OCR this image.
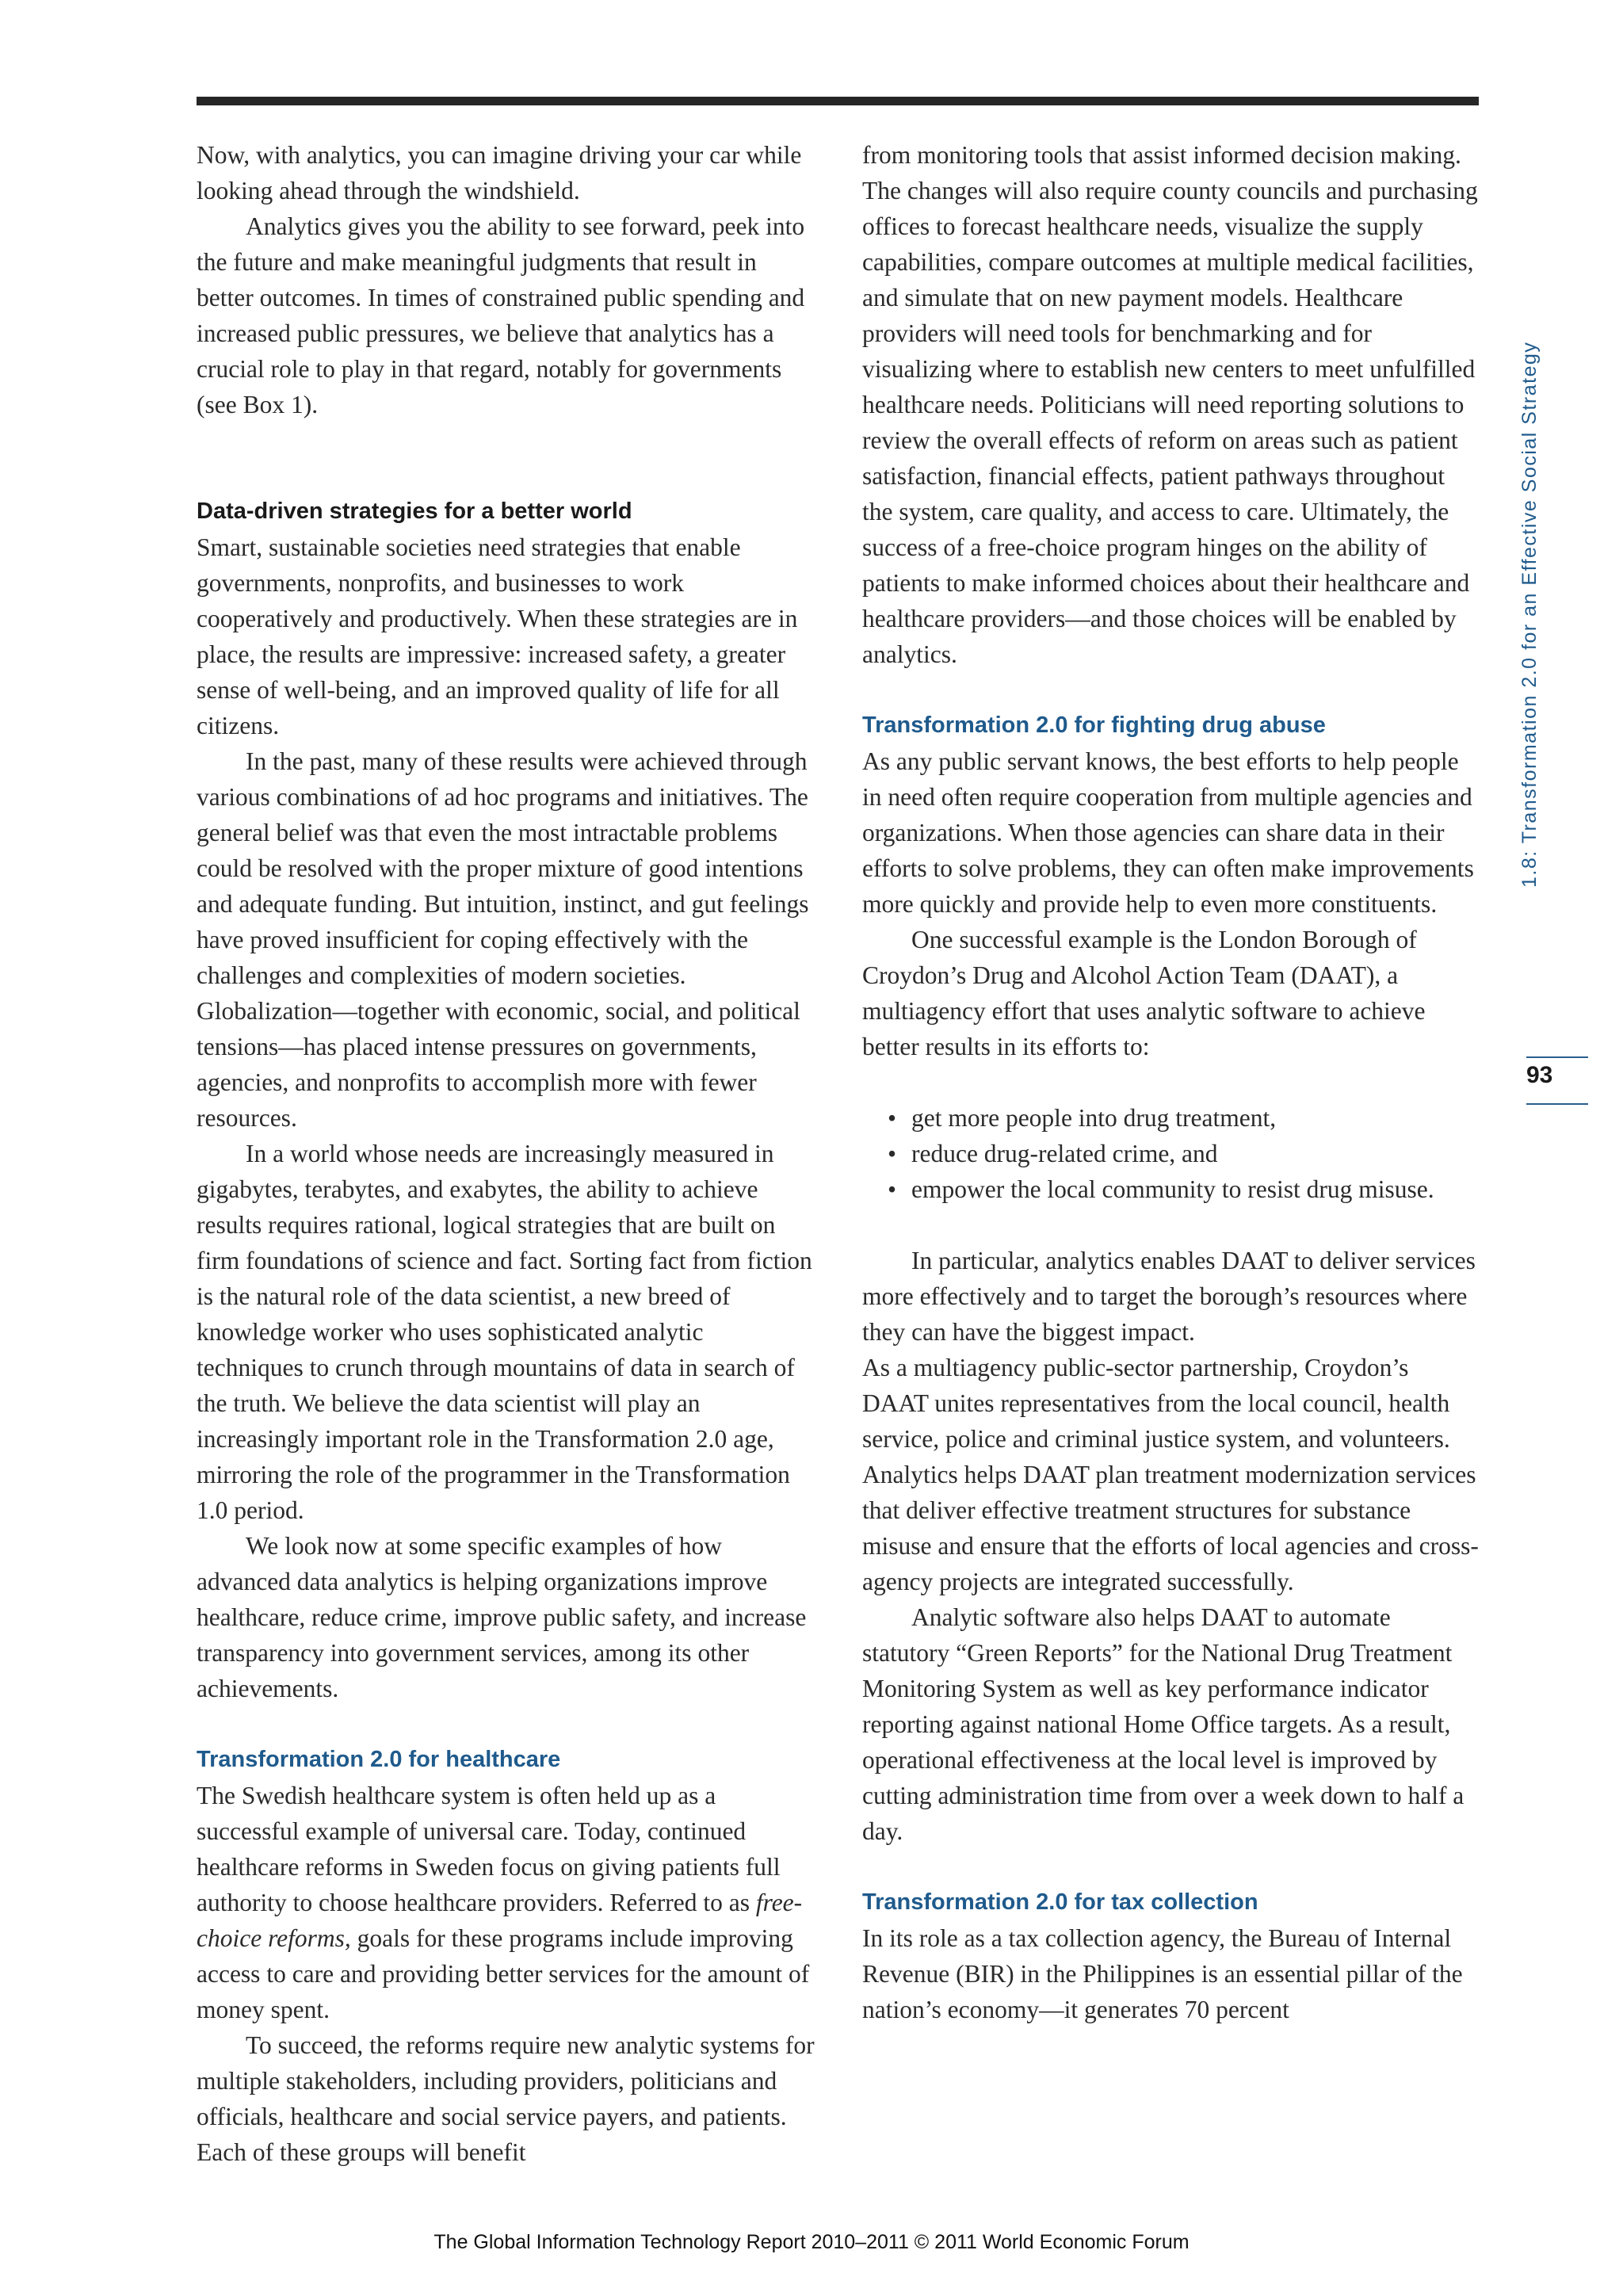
Now, with analytics, you can imagine driving your car while looking ahead through the windshield.

Analytics gives you the ability to see forward, peek into the future and make meaningful judgments that result in better outcomes. In times of constrained public spending and increased public pressures, we believe that analytics has a crucial role to play in that regard, notably for governments (see Box 1).

Data-driven strategies for a better world

Smart, sustainable societies need strategies that enable governments, nonprofits, and businesses to work cooperatively and productively. When these strategies are in place, the results are impressive: increased safety, a greater sense of well-being, and an improved quality of life for all citizens.

In the past, many of these results were achieved through various combinations of ad hoc programs and initiatives. The general belief was that even the most intractable problems could be resolved with the proper mixture of good intentions and adequate funding. But intuition, instinct, and gut feelings have proved insufficient for coping effectively with the challenges and complexities of modern societies. Globalization—together with economic, social, and political tensions—has placed intense pressures on governments, agencies, and nonprofits to accomplish more with fewer resources.

In a world whose needs are increasingly measured in gigabytes, terabytes, and exabytes, the ability to achieve results requires rational, logical strategies that are built on firm foundations of science and fact. Sorting fact from fiction is the natural role of the data scientist, a new breed of knowledge worker who uses sophisticated analytic techniques to crunch through mountains of data in search of the truth. We believe the data scientist will play an increasingly important role in the Transformation 2.0 age, mirroring the role of the programmer in the Transformation 1.0 period.

We look now at some specific examples of how advanced data analytics is helping organizations improve healthcare, reduce crime, improve public safety, and increase transparency into government services, among its other achievements.

Transformation 2.0 for healthcare

The Swedish healthcare system is often held up as a successful example of universal care. Today, continued healthcare reforms in Sweden focus on giving patients full authority to choose healthcare providers. Referred to as free-choice reforms, goals for these programs include improving access to care and providing better services for the amount of money spent.

To succeed, the reforms require new analytic systems for multiple stakeholders, including providers, politicians and officials, healthcare and social service payers, and patients. Each of these groups will benefit

from monitoring tools that assist informed decision making. The changes will also require county councils and purchasing offices to forecast healthcare needs, visualize the supply capabilities, compare outcomes at multiple medical facilities, and simulate that on new payment models. Healthcare providers will need tools for benchmarking and for visualizing where to establish new centers to meet unfulfilled healthcare needs. Politicians will need reporting solutions to review the overall effects of reform on areas such as patient satisfaction, financial effects, patient pathways throughout the system, care quality, and access to care. Ultimately, the success of a free-choice program hinges on the ability of patients to make informed choices about their healthcare and healthcare providers—and those choices will be enabled by analytics.

Transformation 2.0 for fighting drug abuse

As any public servant knows, the best efforts to help people in need often require cooperation from multiple agencies and organizations. When those agencies can share data in their efforts to solve problems, they can often make improvements more quickly and provide help to even more constituents.

One successful example is the London Borough of Croydon’s Drug and Alcohol Action Team (DAAT), a multiagency effort that uses analytic software to achieve better results in its efforts to:

• get more people into drug treatment,
• reduce drug-related crime, and
• empower the local community to resist drug misuse.

In particular, analytics enables DAAT to deliver services more effectively and to target the borough’s resources where they can have the biggest impact.

As a multiagency public-sector partnership, Croydon’s DAAT unites representatives from the local council, health service, police and criminal justice system, and volunteers. Analytics helps DAAT plan treatment modernization services that deliver effective treatment structures for substance misuse and ensure that the efforts of local agencies and cross-agency projects are integrated successfully.

Analytic software also helps DAAT to automate statutory “Green Reports” for the National Drug Treatment Monitoring System as well as key performance indicator reporting against national Home Office targets. As a result, operational effectiveness at the local level is improved by cutting administration time from over a week down to half a day.

Transformation 2.0 for tax collection

In its role as a tax collection agency, the Bureau of Internal Revenue (BIR) in the Philippines is an essential pillar of the nation’s economy—it generates 70 percent

1.8: Transformation 2.0 for an Effective Social Strategy
93
The Global Information Technology Report 2010–2011 © 2011 World Economic Forum
